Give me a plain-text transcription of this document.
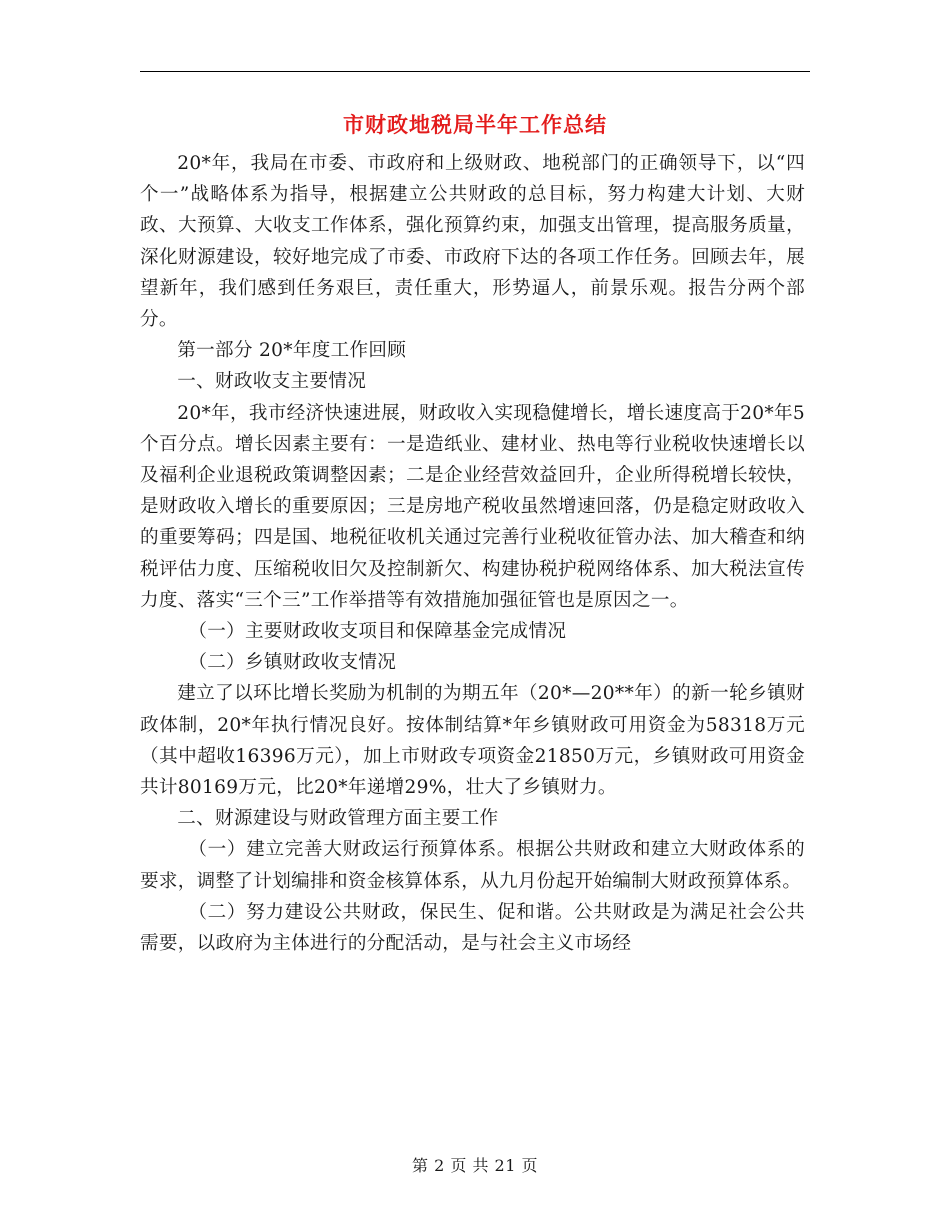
市财政地税局半年工作总结

20*年，我局在市委、市政府和上级财政、地税部门的正确领导下，以“四个一”战略体系为指导，根据建立公共财政的总目标，努力构建大计划、大财政、大预算、大收支工作体系，强化预算约束，加强支出管理，提高服务质量，深化财源建设，较好地完成了市委、市政府下达的各项工作任务。回顾去年，展望新年，我们感到任务艰巨，责任重大，形势逼人，前景乐观。报告分两个部分。

第一部分 20*年度工作回顾

一、财政收支主要情况

20*年，我市经济快速进展，财政收入实现稳健增长，增长速度高于20*年5个百分点。增长因素主要有：一是造纸业、建材业、热电等行业税收快速增长以及福利企业退税政策调整因素；二是企业经营效益回升，企业所得税增长较快，是财政收入增长的重要原因；三是房地产税收虽然增速回落，仍是稳定财政收入的重要筹码；四是国、地税征收机关通过完善行业税收征管办法、加大稽查和纳税评估力度、压缩税收旧欠及控制新欠、构建协税护税网络体系、加大税法宣传力度、落实“三个三”工作举措等有效措施加强征管也是原因之一。

（一）主要财政收支项目和保障基金完成情况

（二）乡镇财政收支情况

建立了以环比增长奖励为机制的为期五年（20*—20**年）的新一轮乡镇财政体制，20*年执行情况良好。按体制结算*年乡镇财政可用资金为58318万元（其中超收16396万元），加上市财政专项资金21850万元，乡镇财政可用资金共计80169万元，比20*年递增29%，壮大了乡镇财力。

二、财源建设与财政管理方面主要工作

（一）建立完善大财政运行预算体系。根据公共财政和建立大财政体系的要求，调整了计划编排和资金核算体系，从九月份起开始编制大财政预算体系。

（二）努力建设公共财政，保民生、促和谐。公共财政是为满足社会公共需要，以政府为主体进行的分配活动，是与社会主义市场经

第 2 页 共 21 页
